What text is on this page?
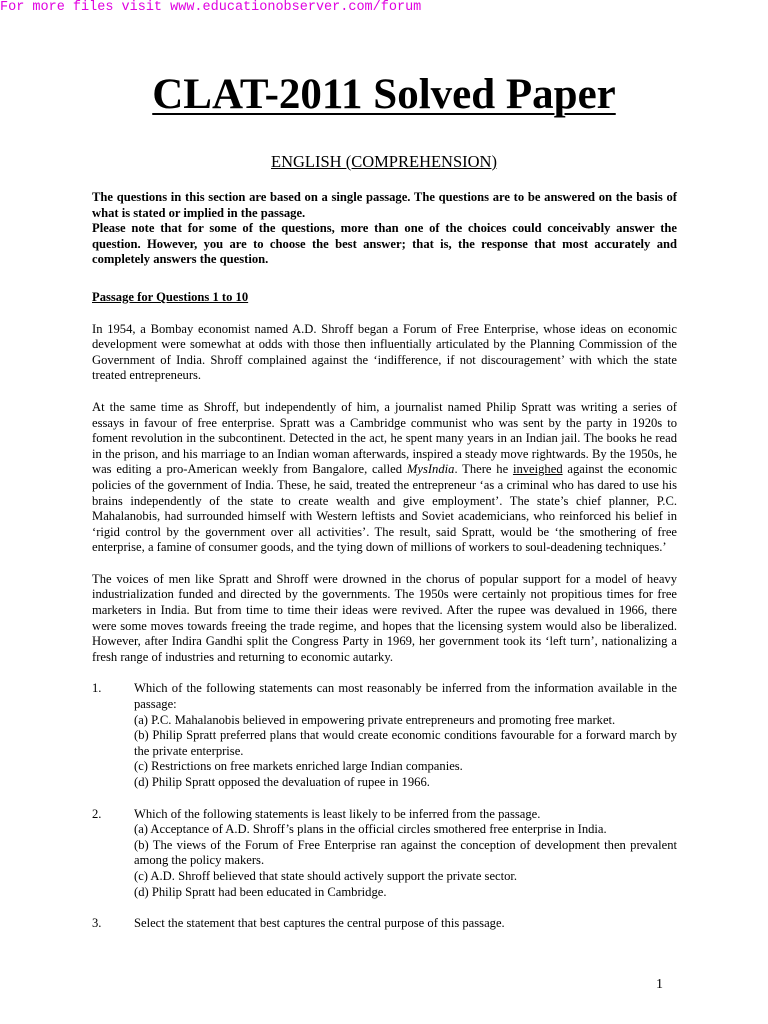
For more files visit www.educationobserver.com/forum
CLAT-2011 Solved Paper
ENGLISH (COMPREHENSION)

The questions in this section are based on a single passage. The questions are to be answered on the basis of what is stated or implied in the passage.

Please note that for some of the questions, more than one of the choices could conceivably answer the question. However, you are to choose the best answer; that is, the response that most accurately and completely answers the question.

Passage for Questions 1 to 10

In 1954, a Bombay economist named A.D. Shroff began a Forum of Free Enterprise, whose ideas on economic development were somewhat at odds with those then influentially articulated by the Planning Commission of the Government of India. Shroff complained against the ‘indifference, if not discouragement’ with which the state treated entrepreneurs.

At the same time as Shroff, but independently of him, a journalist named Philip Spratt was writing a series of essays in favour of free enterprise. Spratt was a Cambridge communist who was sent by the party in 1920s to foment revolution in the subcontinent. Detected in the act, he spent many years in an Indian jail. The books he read in the prison, and his marriage to an Indian woman afterwards, inspired a steady move rightwards. By the 1950s, he was editing a pro-American weekly from Bangalore, called MysIndia. There he inveighed against the economic policies of the government of India. These, he said, treated the entrepreneur ‘as a criminal who has dared to use his brains independently of the state to create wealth and give employment’. The state’s chief planner, P.C. Mahalanobis, had surrounded himself with Western leftists and Soviet academicians, who reinforced his belief in ‘rigid control by the government over all activities’. The result, said Spratt, would be ‘the smothering of free enterprise, a famine of consumer goods, and the tying down of millions of workers to soul-deadening techniques.’

The voices of men like Spratt and Shroff were drowned in the chorus of popular support for a model of heavy industrialization funded and directed by the governments. The 1950s were certainly not propitious times for free marketers in India. But from time to time their ideas were revived. After the rupee was devalued in 1966, there were some moves towards freeing the trade regime, and hopes that the licensing system would also be liberalized. However, after Indira Gandhi split the Congress Party in 1969, her government took its ‘left turn’, nationalizing a fresh range of industries and returning to economic autarky.

1.	Which of the following statements can most reasonably be inferred from the information available in the passage:
(a) P.C. Mahalanobis believed in empowering private entrepreneurs and promoting free market.
(b) Philip Spratt preferred plans that would create economic conditions favourable for a forward march by the private enterprise.
(c) Restrictions on free markets enriched large Indian companies.
(d) Philip Spratt opposed the devaluation of rupee in 1966.
2.	Which of the following statements is least likely to be inferred from the passage.
(a) Acceptance of A.D. Shroff’s plans in the official circles smothered free enterprise in India.
(b) The views of the Forum of Free Enterprise ran against the conception of development then prevalent among the policy makers.
(c) A.D. Shroff believed that state should actively support the private sector.
(d) Philip Spratt had been educated in Cambridge.
3.	Select the statement that best captures the central purpose of this passage.
1
